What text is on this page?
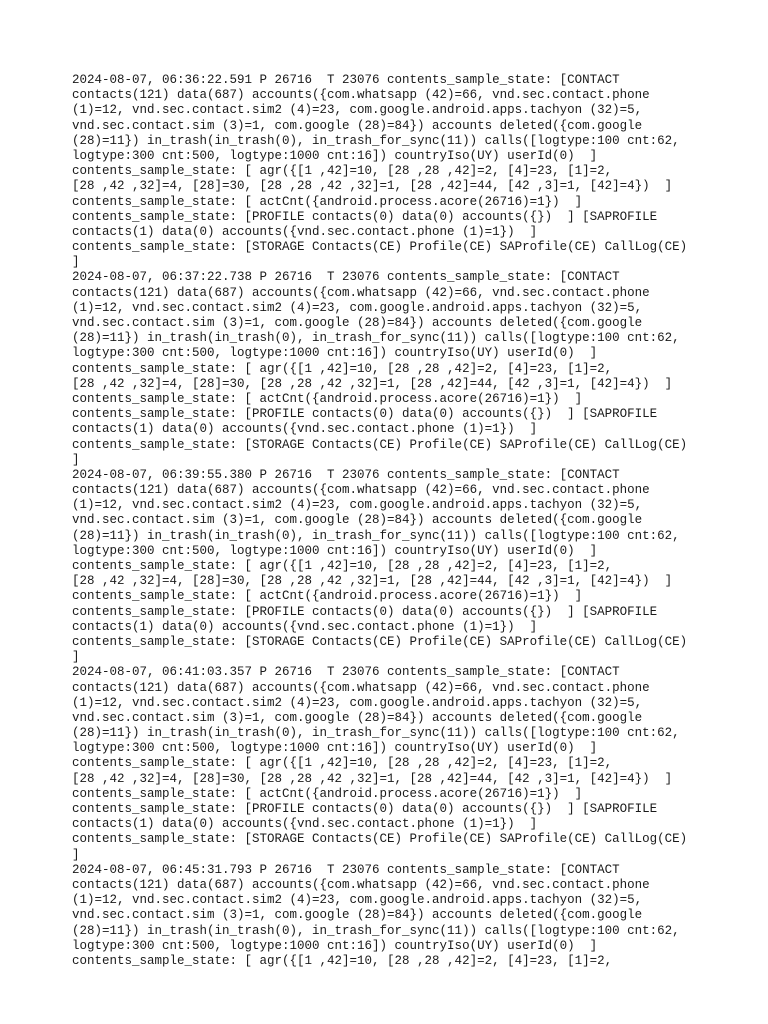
2024-08-07, 06:36:22.591 P 26716  T 23076 contents_sample_state: [CONTACT
contacts(121) data(687) accounts({com.whatsapp (42)=66, vnd.sec.contact.phone
(1)=12, vnd.sec.contact.sim2 (4)=23, com.google.android.apps.tachyon (32)=5,
vnd.sec.contact.sim (3)=1, com.google (28)=84}) accounts deleted({com.google
(28)=11}) in_trash(in_trash(0), in_trash_for_sync(11)) calls([logtype:100 cnt:62,
logtype:300 cnt:500, logtype:1000 cnt:16]) countryIso(UY) userId(0)  ]
contents_sample_state: [ agr({[1 ,42]=10, [28 ,28 ,42]=2, [4]=23, [1]=2,
[28 ,42 ,32]=4, [28]=30, [28 ,28 ,42 ,32]=1, [28 ,42]=44, [42 ,3]=1, [42]=4})  ]
contents_sample_state: [ actCnt({android.process.acore(26716)=1})  ]
contents_sample_state: [PROFILE contacts(0) data(0) accounts({})  ] [SAPROFILE
contacts(1) data(0) accounts({vnd.sec.contact.phone (1)=1})  ]
contents_sample_state: [STORAGE Contacts(CE) Profile(CE) SAProfile(CE) CallLog(CE)
]
2024-08-07, 06:37:22.738 P 26716  T 23076 contents_sample_state: [CONTACT
contacts(121) data(687) accounts({com.whatsapp (42)=66, vnd.sec.contact.phone
(1)=12, vnd.sec.contact.sim2 (4)=23, com.google.android.apps.tachyon (32)=5,
vnd.sec.contact.sim (3)=1, com.google (28)=84}) accounts deleted({com.google
(28)=11}) in_trash(in_trash(0), in_trash_for_sync(11)) calls([logtype:100 cnt:62,
logtype:300 cnt:500, logtype:1000 cnt:16]) countryIso(UY) userId(0)  ]
contents_sample_state: [ agr({[1 ,42]=10, [28 ,28 ,42]=2, [4]=23, [1]=2,
[28 ,42 ,32]=4, [28]=30, [28 ,28 ,42 ,32]=1, [28 ,42]=44, [42 ,3]=1, [42]=4})  ]
contents_sample_state: [ actCnt({android.process.acore(26716)=1})  ]
contents_sample_state: [PROFILE contacts(0) data(0) accounts({})  ] [SAPROFILE
contacts(1) data(0) accounts({vnd.sec.contact.phone (1)=1})  ]
contents_sample_state: [STORAGE Contacts(CE) Profile(CE) SAProfile(CE) CallLog(CE)
]
2024-08-07, 06:39:55.380 P 26716  T 23076 contents_sample_state: [CONTACT
contacts(121) data(687) accounts({com.whatsapp (42)=66, vnd.sec.contact.phone
(1)=12, vnd.sec.contact.sim2 (4)=23, com.google.android.apps.tachyon (32)=5,
vnd.sec.contact.sim (3)=1, com.google (28)=84}) accounts deleted({com.google
(28)=11}) in_trash(in_trash(0), in_trash_for_sync(11)) calls([logtype:100 cnt:62,
logtype:300 cnt:500, logtype:1000 cnt:16]) countryIso(UY) userId(0)  ]
contents_sample_state: [ agr({[1 ,42]=10, [28 ,28 ,42]=2, [4]=23, [1]=2,
[28 ,42 ,32]=4, [28]=30, [28 ,28 ,42 ,32]=1, [28 ,42]=44, [42 ,3]=1, [42]=4})  ]
contents_sample_state: [ actCnt({android.process.acore(26716)=1})  ]
contents_sample_state: [PROFILE contacts(0) data(0) accounts({})  ] [SAPROFILE
contacts(1) data(0) accounts({vnd.sec.contact.phone (1)=1})  ]
contents_sample_state: [STORAGE Contacts(CE) Profile(CE) SAProfile(CE) CallLog(CE)
]
2024-08-07, 06:41:03.357 P 26716  T 23076 contents_sample_state: [CONTACT
contacts(121) data(687) accounts({com.whatsapp (42)=66, vnd.sec.contact.phone
(1)=12, vnd.sec.contact.sim2 (4)=23, com.google.android.apps.tachyon (32)=5,
vnd.sec.contact.sim (3)=1, com.google (28)=84}) accounts deleted({com.google
(28)=11}) in_trash(in_trash(0), in_trash_for_sync(11)) calls([logtype:100 cnt:62,
logtype:300 cnt:500, logtype:1000 cnt:16]) countryIso(UY) userId(0)  ]
contents_sample_state: [ agr({[1 ,42]=10, [28 ,28 ,42]=2, [4]=23, [1]=2,
[28 ,42 ,32]=4, [28]=30, [28 ,28 ,42 ,32]=1, [28 ,42]=44, [42 ,3]=1, [42]=4})  ]
contents_sample_state: [ actCnt({android.process.acore(26716)=1})  ]
contents_sample_state: [PROFILE contacts(0) data(0) accounts({})  ] [SAPROFILE
contacts(1) data(0) accounts({vnd.sec.contact.phone (1)=1})  ]
contents_sample_state: [STORAGE Contacts(CE) Profile(CE) SAProfile(CE) CallLog(CE)
]
2024-08-07, 06:45:31.793 P 26716  T 23076 contents_sample_state: [CONTACT
contacts(121) data(687) accounts({com.whatsapp (42)=66, vnd.sec.contact.phone
(1)=12, vnd.sec.contact.sim2 (4)=23, com.google.android.apps.tachyon (32)=5,
vnd.sec.contact.sim (3)=1, com.google (28)=84}) accounts deleted({com.google
(28)=11}) in_trash(in_trash(0), in_trash_for_sync(11)) calls([logtype:100 cnt:62,
logtype:300 cnt:500, logtype:1000 cnt:16]) countryIso(UY) userId(0)  ]
contents_sample_state: [ agr({[1 ,42]=10, [28 ,28 ,42]=2, [4]=23, [1]=2,
